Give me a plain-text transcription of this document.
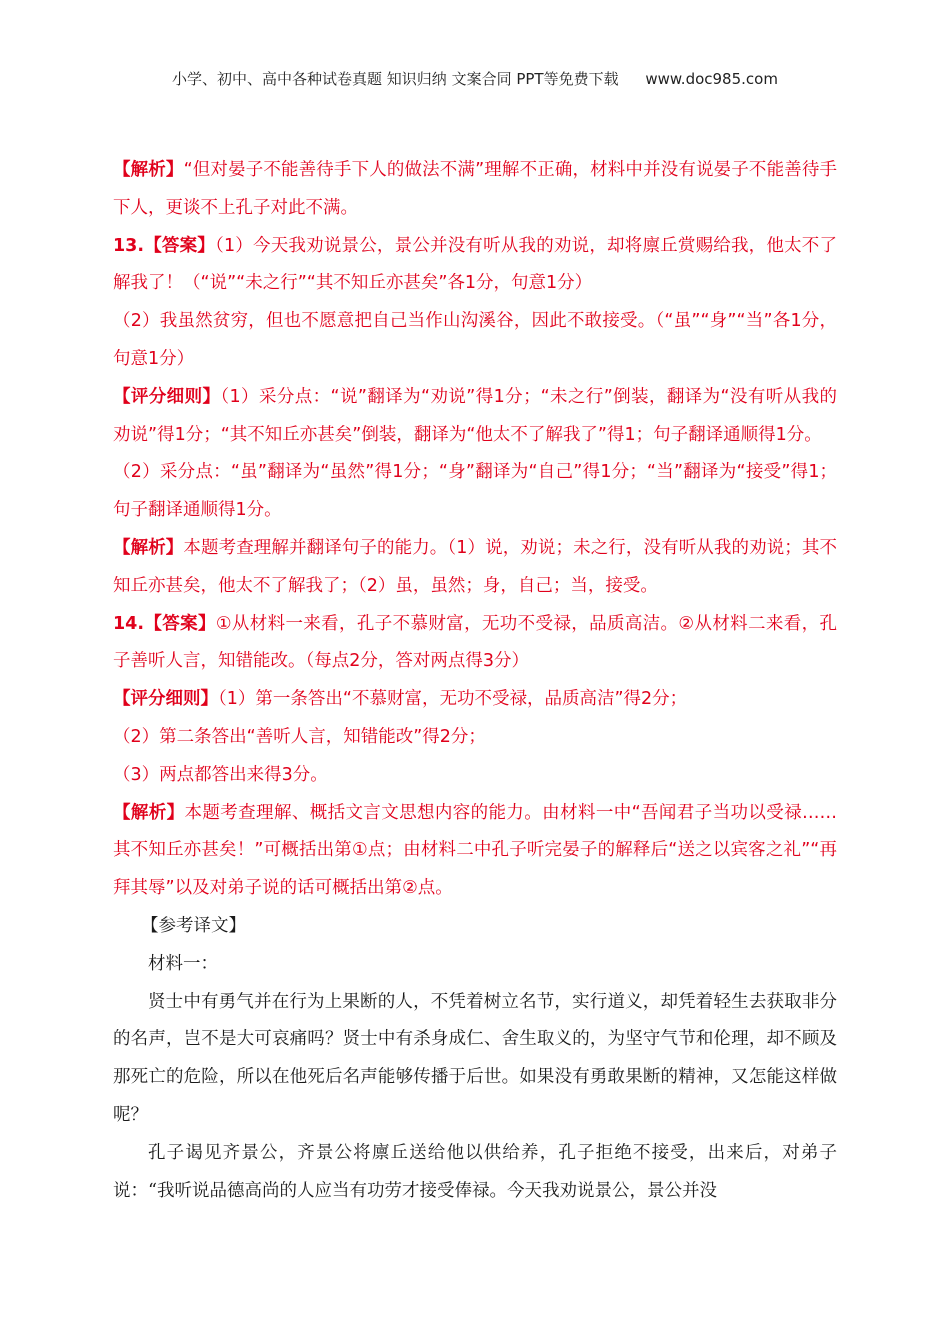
小学、初中、高中各种试卷真题 知识归纳 文案合同 PPT等免费下载 www.doc985.com

【解析】“但对晏子不能善待手下人的做法不满”理解不正确，材料中并没有说晏子不能善待手下人，更谈不上孔子对此不满。

13.【答案】（1）今天我劝说景公，景公并没有听从我的劝说，却将廪丘赏赐给我，他太不了解我了！（“说”“未之行”“其不知丘亦甚矣”各1分，句意1分）

（2）我虽然贫穷，但也不愿意把自己当作山沟溪谷，因此不敢接受。（“虽”“身”“当”各1分，句意1分）

【评分细则】（1）采分点：“说”翻译为“劝说”得1分；“未之行”倒装，翻译为“没有听从我的劝说”得1分；“其不知丘亦甚矣”倒装，翻译为“他太不了解我了”得1；句子翻译通顺得1分。

（2）采分点：“虽”翻译为“虽然”得1分；“身”翻译为“自己”得1分；“当”翻译为“接受”得1；句子翻译通顺得1分。

【解析】本题考查理解并翻译句子的能力。（1）说，劝说；未之行，没有听从我的劝说；其不知丘亦甚矣，他太不了解我了；（2）虽，虽然；身，自己；当，接受。

14.【答案】①从材料一来看，孔子不慕财富，无功不受禄，品质高洁。②从材料二来看，孔子善听人言，知错能改。（每点2分，答对两点得3分）

【评分细则】（1）第一条答出“不慕财富，无功不受禄，品质高洁”得2分；

（2）第二条答出“善听人言，知错能改”得2分；

（3）两点都答出来得3分。

【解析】本题考查理解、概括文言文思想内容的能力。由材料一中“吾闻君子当功以受禄……其不知丘亦甚矣！”可概括出第①点；由材料二中孔子听完晏子的解释后“送之以宾客之礼”“再拜其辱”以及对弟子说的话可概括出第②点。

【参考译文】

材料一：

贤士中有勇气并在行为上果断的人，不凭着树立名节，实行道义，却凭着轻生去获取非分的名声，岂不是大可哀痛吗？贤士中有杀身成仁、舍生取义的，为坚守气节和伦理，却不顾及那死亡的危险，所以在他死后名声能够传播于后世。如果没有勇敢果断的精神，又怎能这样做呢？

孔子谒见齐景公，齐景公将廪丘送给他以供给养，孔子拒绝不接受，出来后，对弟子说：“我听说品德高尚的人应当有功劳才接受俸禄。今天我劝说景公，景公并没
